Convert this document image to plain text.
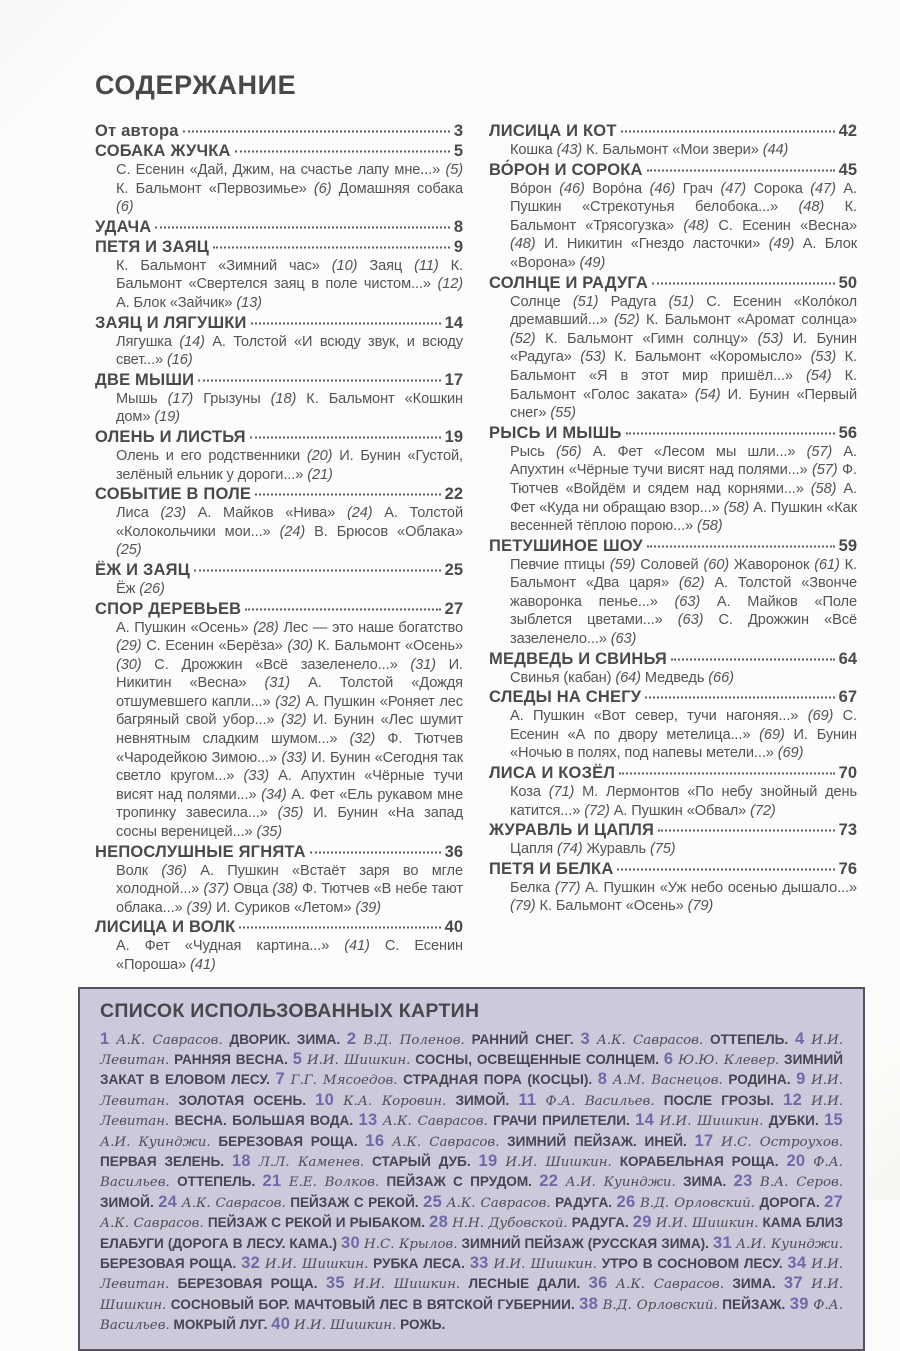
СОДЕРЖАНИЕ
От автора	3
СОБАКА ЖУЧКА	5

С. Есенин «Дай, Джим, на счастье лапу мне...» (5) К. Бальмонт «Первозимье» (6) Домашняя собака (6)

УДАЧА	8
ПЕТЯ И ЗАЯЦ	9

К. Бальмонт «Зимний час» (10) Заяц (11) К. Бальмонт «Свертелся заяц в поле чистом...» (12) А. Блок «Зайчик» (13)

ЗАЯЦ И ЛЯГУШКИ	14

Лягушка (14) А. Толстой «И всюду звук, и всюду свет...» (16)

ДВЕ МЫШИ	17

Мышь (17) Грызуны (18) К. Бальмонт «Кошкин дом» (19)

ОЛЕНЬ И ЛИСТЬЯ	19

Олень и его родственники (20) И. Бунин «Густой, зелёный ельник у дороги...» (21)

СОБЫТИЕ В ПОЛЕ	22

Лиса (23) А. Майков «Нива» (24) А. Толстой «Колокольчики мои...» (24) В. Брюсов «Облака» (25)

ЁЖ И ЗАЯЦ	25

Ёж (26)

СПОР ДЕРЕВЬЕВ	27

А. Пушкин «Осень» (28) Лес — это наше богатство (29) С. Есенин «Берёза» (30) К. Бальмонт «Осень» (30) С. Дрожжин «Всё зазеленело...» (31) И. Никитин «Весна» (31) А. Толстой «Дождя отшумевшего капли...» (32) А. Пушкин «Роняет лес багряный свой убор...» (32) И. Бунин «Лес шумит невнятным сладким шумом...» (32) Ф. Тютчев «Чародейкою Зимою...» (33) И. Бунин «Сегодня так светло кругом...» (33) А. Апухтин «Чёрные тучи висят над полями...» (34) А. Фет «Ель рукавом мне тропинку завесила...» (35) И. Бунин «На запад сосны вереницей...» (35)

НЕПОСЛУШНЫЕ ЯГНЯТА	36

Волк (36) А. Пушкин «Встаёт заря во мгле холодной...» (37) Овца (38) Ф. Тютчев «В небе тают облака...» (39) И. Суриков «Летом» (39)

ЛИСИЦА И ВОЛК	40

А. Фет «Чудная картина...» (41) С. Есенин «Пороша» (41)

ЛИСИЦА И КОТ	42

Кошка (43) К. Бальмонт «Мои звери» (44)

ВО́РОН И СОРОКА	45

Во́рон (46) Воро́на (46) Грач (47) Сорока (47) А. Пушкин «Стрекотунья белобока...» (48) К. Бальмонт «Трясогузка» (48) С. Есенин «Весна» (48) И. Никитин «Гнездо ласточки» (49) А. Блок «Ворона» (49)

СОЛНЦЕ И РАДУГА	50

Солнце (51) Радуга (51) С. Есенин «Коло́кол дремавший...» (52) К. Бальмонт «Аромат солнца» (52) К. Бальмонт «Гимн солнцу» (53) И. Бунин «Радуга» (53) К. Бальмонт «Коромысло» (53) К. Бальмонт «Я в этот мир пришёл...» (54) К. Бальмонт «Голос заката» (54) И. Бунин «Первый снег» (55)

РЫСЬ И МЫШЬ	56

Рысь (56) А. Фет «Лесом мы шли...» (57) А. Апухтин «Чёрные тучи висят над полями...» (57) Ф. Тютчев «Войдём и сядем над корнями...» (58) А. Фет «Куда ни обращаю взор...» (58) А. Пушкин «Как весенней тёплою порою...» (58)

ПЕТУШИНОЕ ШОУ	59

Певчие птицы (59) Соловей (60) Жаворонок (61) К. Бальмонт «Два царя» (62) А. Толстой «Звонче жаворонка пенье...» (63) А. Майков «Поле зыблется цветами...» (63) С. Дрожжин «Всё зазеленело...» (63)

МЕДВЕДЬ И СВИНЬЯ	64

Свинья (кабан) (64) Медведь (66)

СЛЕДЫ НА СНЕГУ	67

А. Пушкин «Вот север, тучи нагоняя...» (69) С. Есенин «А по двору метелица...» (69) И. Бунин «Ночью в полях, под напевы метели...» (69)

ЛИСА И КОЗЁЛ	70

Коза (71) М. Лермонтов «По небу знойный день катится...» (72) А. Пушкин «Обвал» (72)

ЖУРАВЛЬ И ЦАПЛЯ	73

Цапля (74) Журавль (75)

ПЕТЯ И БЕЛКА	76

Белка (77) А. Пушкин «Уж небо осенью дышало...» (79) К. Бальмонт «Осень» (79)

СПИСОК ИСПОЛЬЗОВАННЫХ КАРТИН

1 А.К. Саврасов. ДВОРИК. ЗИМА. 2 В.Д. Поленов. РАННИЙ СНЕГ. 3 А.К. Саврасов. ОТТЕПЕЛЬ. 4 И.И. Левитан. РАННЯЯ ВЕСНА. 5 И.И. Шишкин. СОСНЫ, ОСВЕЩЕННЫЕ СОЛНЦЕМ. 6 Ю.Ю. Клевер. ЗИМНИЙ ЗАКАТ В ЕЛОВОМ ЛЕСУ. 7 Г.Г. Мясоедов. СТРАДНАЯ ПОРА (КОСЦЫ). 8 А.М. Васнецов. РОДИНА. 9 И.И. Левитан. ЗОЛОТАЯ ОСЕНЬ. 10 К.А. Коровин. ЗИМОЙ. 11 Ф.А. Васильев. ПОСЛЕ ГРОЗЫ. 12 И.И. Левитан. ВЕСНА. БОЛЬШАЯ ВОДА. 13 А.К. Саврасов. ГРАЧИ ПРИЛЕТЕЛИ. 14 И.И. Шишкин. ДУБКИ. 15 А.И. Куинджи. БЕРЕЗОВАЯ РОЩА. 16 А.К. Саврасов. ЗИМНИЙ ПЕЙЗАЖ. ИНЕЙ. 17 И.С. Остроухов. ПЕРВАЯ ЗЕЛЕНЬ. 18 Л.Л. Каменев. СТАРЫЙ ДУБ. 19 И.И. Шишкин. КОРАБЕЛЬНАЯ РОЩА. 20 Ф.А. Васильев. ОТТЕПЕЛЬ. 21 Е.Е. Волков. ПЕЙЗАЖ С ПРУДОМ. 22 А.И. Куинджи. ЗИМА. 23 В.А. Серов. ЗИМОЙ. 24 А.К. Саврасов. ПЕЙЗАЖ С РЕКОЙ. 25 А.К. Саврасов. РАДУГА. 26 В.Д. Орловский. ДОРОГА. 27 А.К. Саврасов. ПЕЙЗАЖ С РЕКОЙ И РЫБАКОМ. 28 Н.Н. Дубовской. РАДУГА. 29 И.И. Шишкин. КАМА БЛИЗ ЕЛАБУГИ (ДОРОГА В ЛЕСУ. КАМА.) 30 Н.С. Крылов. ЗИМНИЙ ПЕЙЗАЖ (РУССКАЯ ЗИМА). 31 А.И. Куинджи. БЕРЕЗОВАЯ РОЩА. 32 И.И. Шишкин. РУБКА ЛЕСА. 33 И.И. Шишкин. УТРО В СОСНОВОМ ЛЕСУ. 34 И.И. Левитан. БЕРЕЗОВАЯ РОЩА. 35 И.И. Шишкин. ЛЕСНЫЕ ДАЛИ. 36 А.К. Саврасов. ЗИМА. 37 И.И. Шишкин. СОСНОВЫЙ БОР. МАЧТОВЫЙ ЛЕС В ВЯТСКОЙ ГУБЕРНИИ. 38 В.Д. Орловский. ПЕЙЗАЖ. 39 Ф.А. Васильев. МОКРЫЙ ЛУГ. 40 И.И. Шишкин. РОЖЬ.
